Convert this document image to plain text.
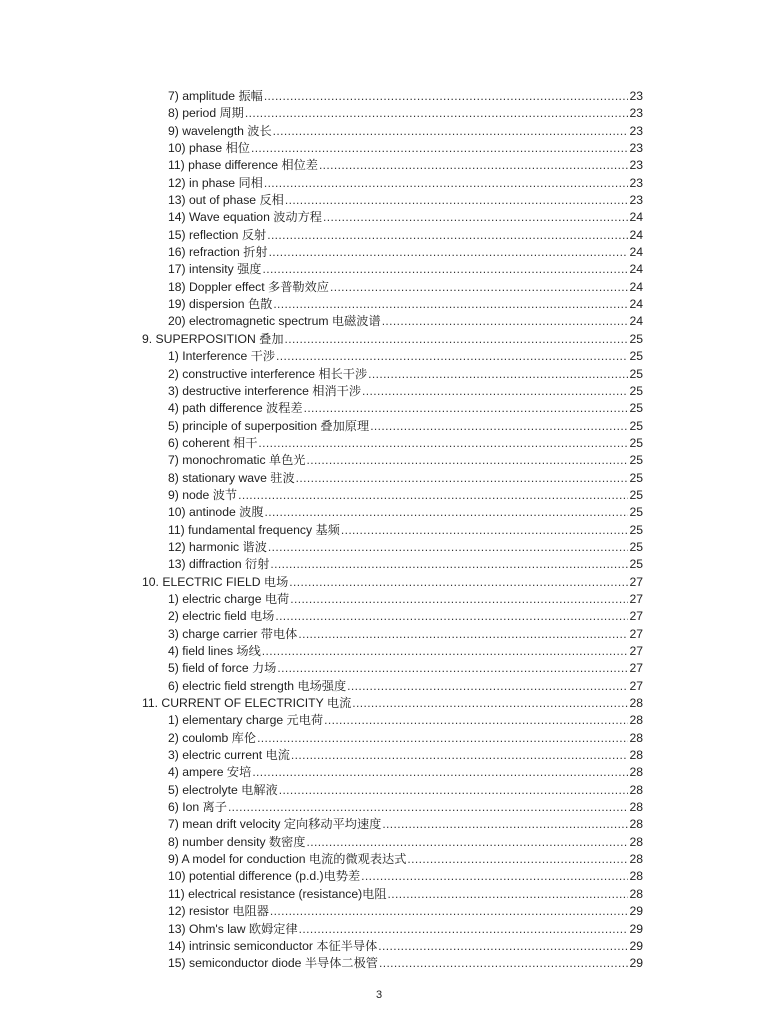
7) amplitude 振幅 .....	23
8) period 周期 .....	23
9) wavelength 波长 .....	23
10) phase 相位 .....	23
11) phase difference 相位差 .....	23
12) in phase 同相 .....	23
13) out of phase 反相 .....	23
14) Wave equation 波动方程 .....	24
15) reflection 反射 .....	24
16) refraction 折射 .....	24
17) intensity 强度 .....	24
18) Doppler effect 多普勒效应 .....	24
19) dispersion 色散 .....	24
20) electromagnetic spectrum 电磁波谱 .....	24
9. SUPERPOSITION 叠加 .....	25
1) Interference 干涉 .....	25
2) constructive interference 相长干涉 .....	25
3) destructive interference 相消干涉 .....	25
4) path difference 波程差 .....	25
5) principle of superposition 叠加原理 .....	25
6) coherent 相干 .....	25
7) monochromatic 单色光 .....	25
8) stationary wave 驻波 .....	25
9) node 波节 .....	25
10) antinode 波腹 .....	25
11) fundamental frequency 基频 .....	25
12) harmonic 谐波 .....	25
13) diffraction 衍射 .....	25
10. ELECTRIC FIELD 电场 .....	27
1) electric charge 电荷 .....	27
2) electric field 电场 .....	27
3) charge carrier 带电体 .....	27
4) field lines 场线 .....	27
5) field of force 力场 .....	27
6) electric field strength 电场强度 .....	27
11. CURRENT OF ELECTRICITY 电流 .....	28
1) elementary charge 元电荷 .....	28
2) coulomb 库伦 .....	28
3) electric current 电流 .....	28
4) ampere 安培 .....	28
5) electrolyte 电解液 .....	28
6) Ion 离子 .....	28
7) mean drift velocity 定向移动平均速度 .....	28
8) number density 数密度 .....	28
9) A model for conduction 电流的微观表达式 .....	28
10) potential difference (p.d.)电势差 .....	28
11) electrical resistance (resistance)电阻 .....	28
12) resistor 电阻器 .....	29
13) Ohm's law 欧姆定律 .....	29
14) intrinsic semiconductor 本征半导体 .....	29
15) semiconductor diode 半导体二极管 .....	29
3
